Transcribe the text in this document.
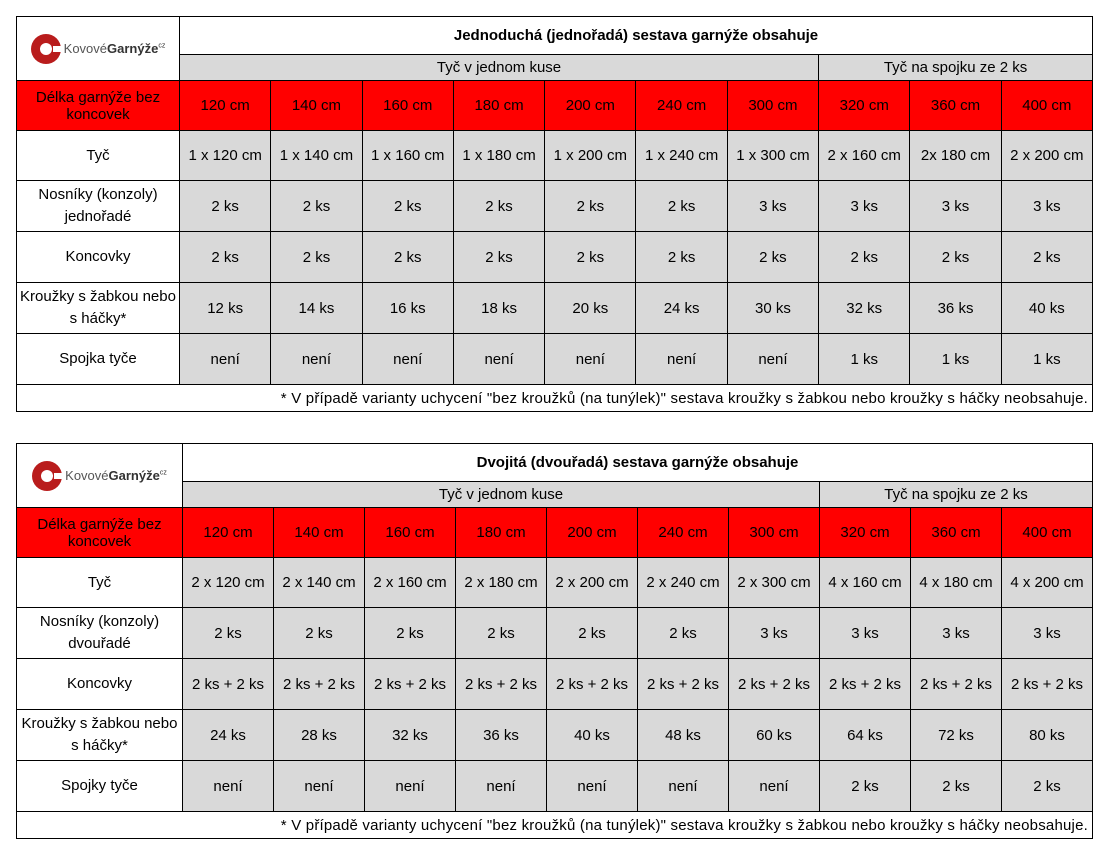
KovovéGarnýže$^{cz}$	Jednoduchá (jednořadá) sestava garnýže obsahuje									
	Tyč v jednom kuse							Tyč na spojku ze 2 ks		
Délka garnýže bez koncovek	120 cm	140 cm	160 cm	180 cm	200 cm	240 cm	300 cm	320 cm	360 cm	400 cm
Tyč	1 x 120 cm	1 x 140 cm	1 x 160 cm	1 x 180 cm	1 x 200 cm	1 x 240 cm	1 x 300 cm	2 x 160 cm	2x 180 cm	2 x 200 cm
Nosníky (konzoly) jednořadé	2 ks	2 ks	2 ks	2 ks	2 ks	2 ks	3 ks	3 ks	3 ks	3 ks
Koncovky	2 ks	2 ks	2 ks	2 ks	2 ks	2 ks	2 ks	2 ks	2 ks	2 ks
Kroužky s žabkou nebo s háčky*	12 ks	14 ks	16 ks	18 ks	20 ks	24 ks	30 ks	32 ks	36 ks	40 ks
Spojka tyče	není	není	není	není	není	není	není	1 ks	1 ks	1 ks
* V případě varianty uchycení "bez kroužků (na tunýlek)" sestava kroužky s žabkou nebo kroužky s háčky neobsahuje.										
KovovéGarnýže$^{cz}$	Dvojitá (dvouřadá) sestava garnýže obsahuje									
	Tyč v jednom kuse							Tyč na spojku ze 2 ks		
Délka garnýže bez koncovek	120 cm	140 cm	160 cm	180 cm	200 cm	240 cm	300 cm	320 cm	360 cm	400 cm
Tyč	2 x 120 cm	2 x 140 cm	2 x 160 cm	2 x 180 cm	2 x 200 cm	2 x 240 cm	2 x 300 cm	4 x 160 cm	4 x 180 cm	4 x 200 cm
Nosníky (konzoly) dvouřadé	2 ks	2 ks	2 ks	2 ks	2 ks	2 ks	3 ks	3 ks	3 ks	3 ks
Koncovky	2 ks + 2 ks	2 ks + 2 ks	2 ks + 2 ks	2 ks + 2 ks	2 ks + 2 ks	2 ks + 2 ks	2 ks + 2 ks	2 ks + 2 ks	2 ks + 2 ks	2 ks + 2 ks
Kroužky s žabkou nebo s háčky*	24 ks	28 ks	32 ks	36 ks	40 ks	48 ks	60 ks	64 ks	72 ks	80 ks
Spojky tyče	není	není	není	není	není	není	není	2 ks	2 ks	2 ks
* V případě varianty uchycení "bez kroužků (na tunýlek)" sestava kroužky s žabkou nebo kroužky s háčky neobsahuje.										
